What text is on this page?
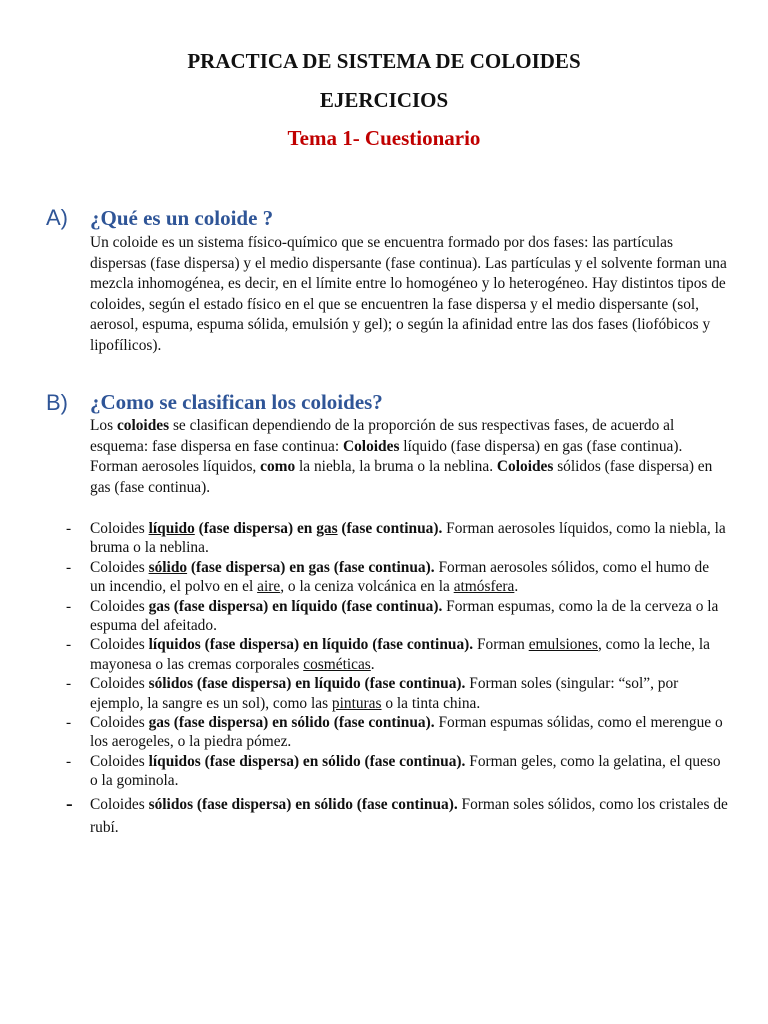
PRACTICA DE SISTEMA DE COLOIDES
EJERCICIOS
Tema 1- Cuestionario
A) ¿Qué es un coloide ?

Un coloide es un sistema físico-químico que se encuentra formado por dos fases: las partículas dispersas (fase dispersa) y el medio dispersante (fase continua). Las partículas y el solvente forman una mezcla inhomogénea, es decir, en el límite entre lo homogéneo y lo heterogéneo. Hay distintos tipos de coloides, según el estado físico en el que se encuentren la fase dispersa y el medio dispersante (sol, aerosol, espuma, espuma sólida, emulsión y gel); o según la afinidad entre las dos fases (liofóbicos y lipofílicos).

B) ¿Como se clasifican los coloides?

Los coloides se clasifican dependiendo de la proporción de sus respectivas fases, de acuerdo al esquema: fase dispersa en fase continua: Coloides líquido (fase dispersa) en gas (fase continua). Forman aerosoles líquidos, como la niebla, la bruma o la neblina. Coloides sólidos (fase dispersa) en gas (fase continua).

- Coloides líquido (fase dispersa) en gas (fase continua). Forman aerosoles líquidos, como la niebla, la bruma o la neblina.
- Coloides sólido (fase dispersa) en gas (fase continua). Forman aerosoles sólidos, como el humo de un incendio, el polvo en el aire, o la ceniza volcánica en la atmósfera.
- Coloides gas (fase dispersa) en líquido (fase continua). Forman espumas, como la de la cerveza o la espuma del afeitado.
- Coloides líquidos (fase dispersa) en líquido (fase continua). Forman emulsiones, como la leche, la mayonesa o las cremas corporales cosméticas.
- Coloides sólidos (fase dispersa) en líquido (fase continua). Forman soles (singular: “sol”, por ejemplo, la sangre es un sol), como las pinturas o la tinta china.
- Coloides gas (fase dispersa) en sólido (fase continua). Forman espumas sólidas, como el merengue o los aerogeles, o la piedra pómez.
- Coloides líquidos (fase dispersa) en sólido (fase continua). Forman geles, como la gelatina, el queso o la gominola.
- Coloides sólidos (fase dispersa) en sólido (fase continua). Forman soles sólidos, como los cristales de rubí.
